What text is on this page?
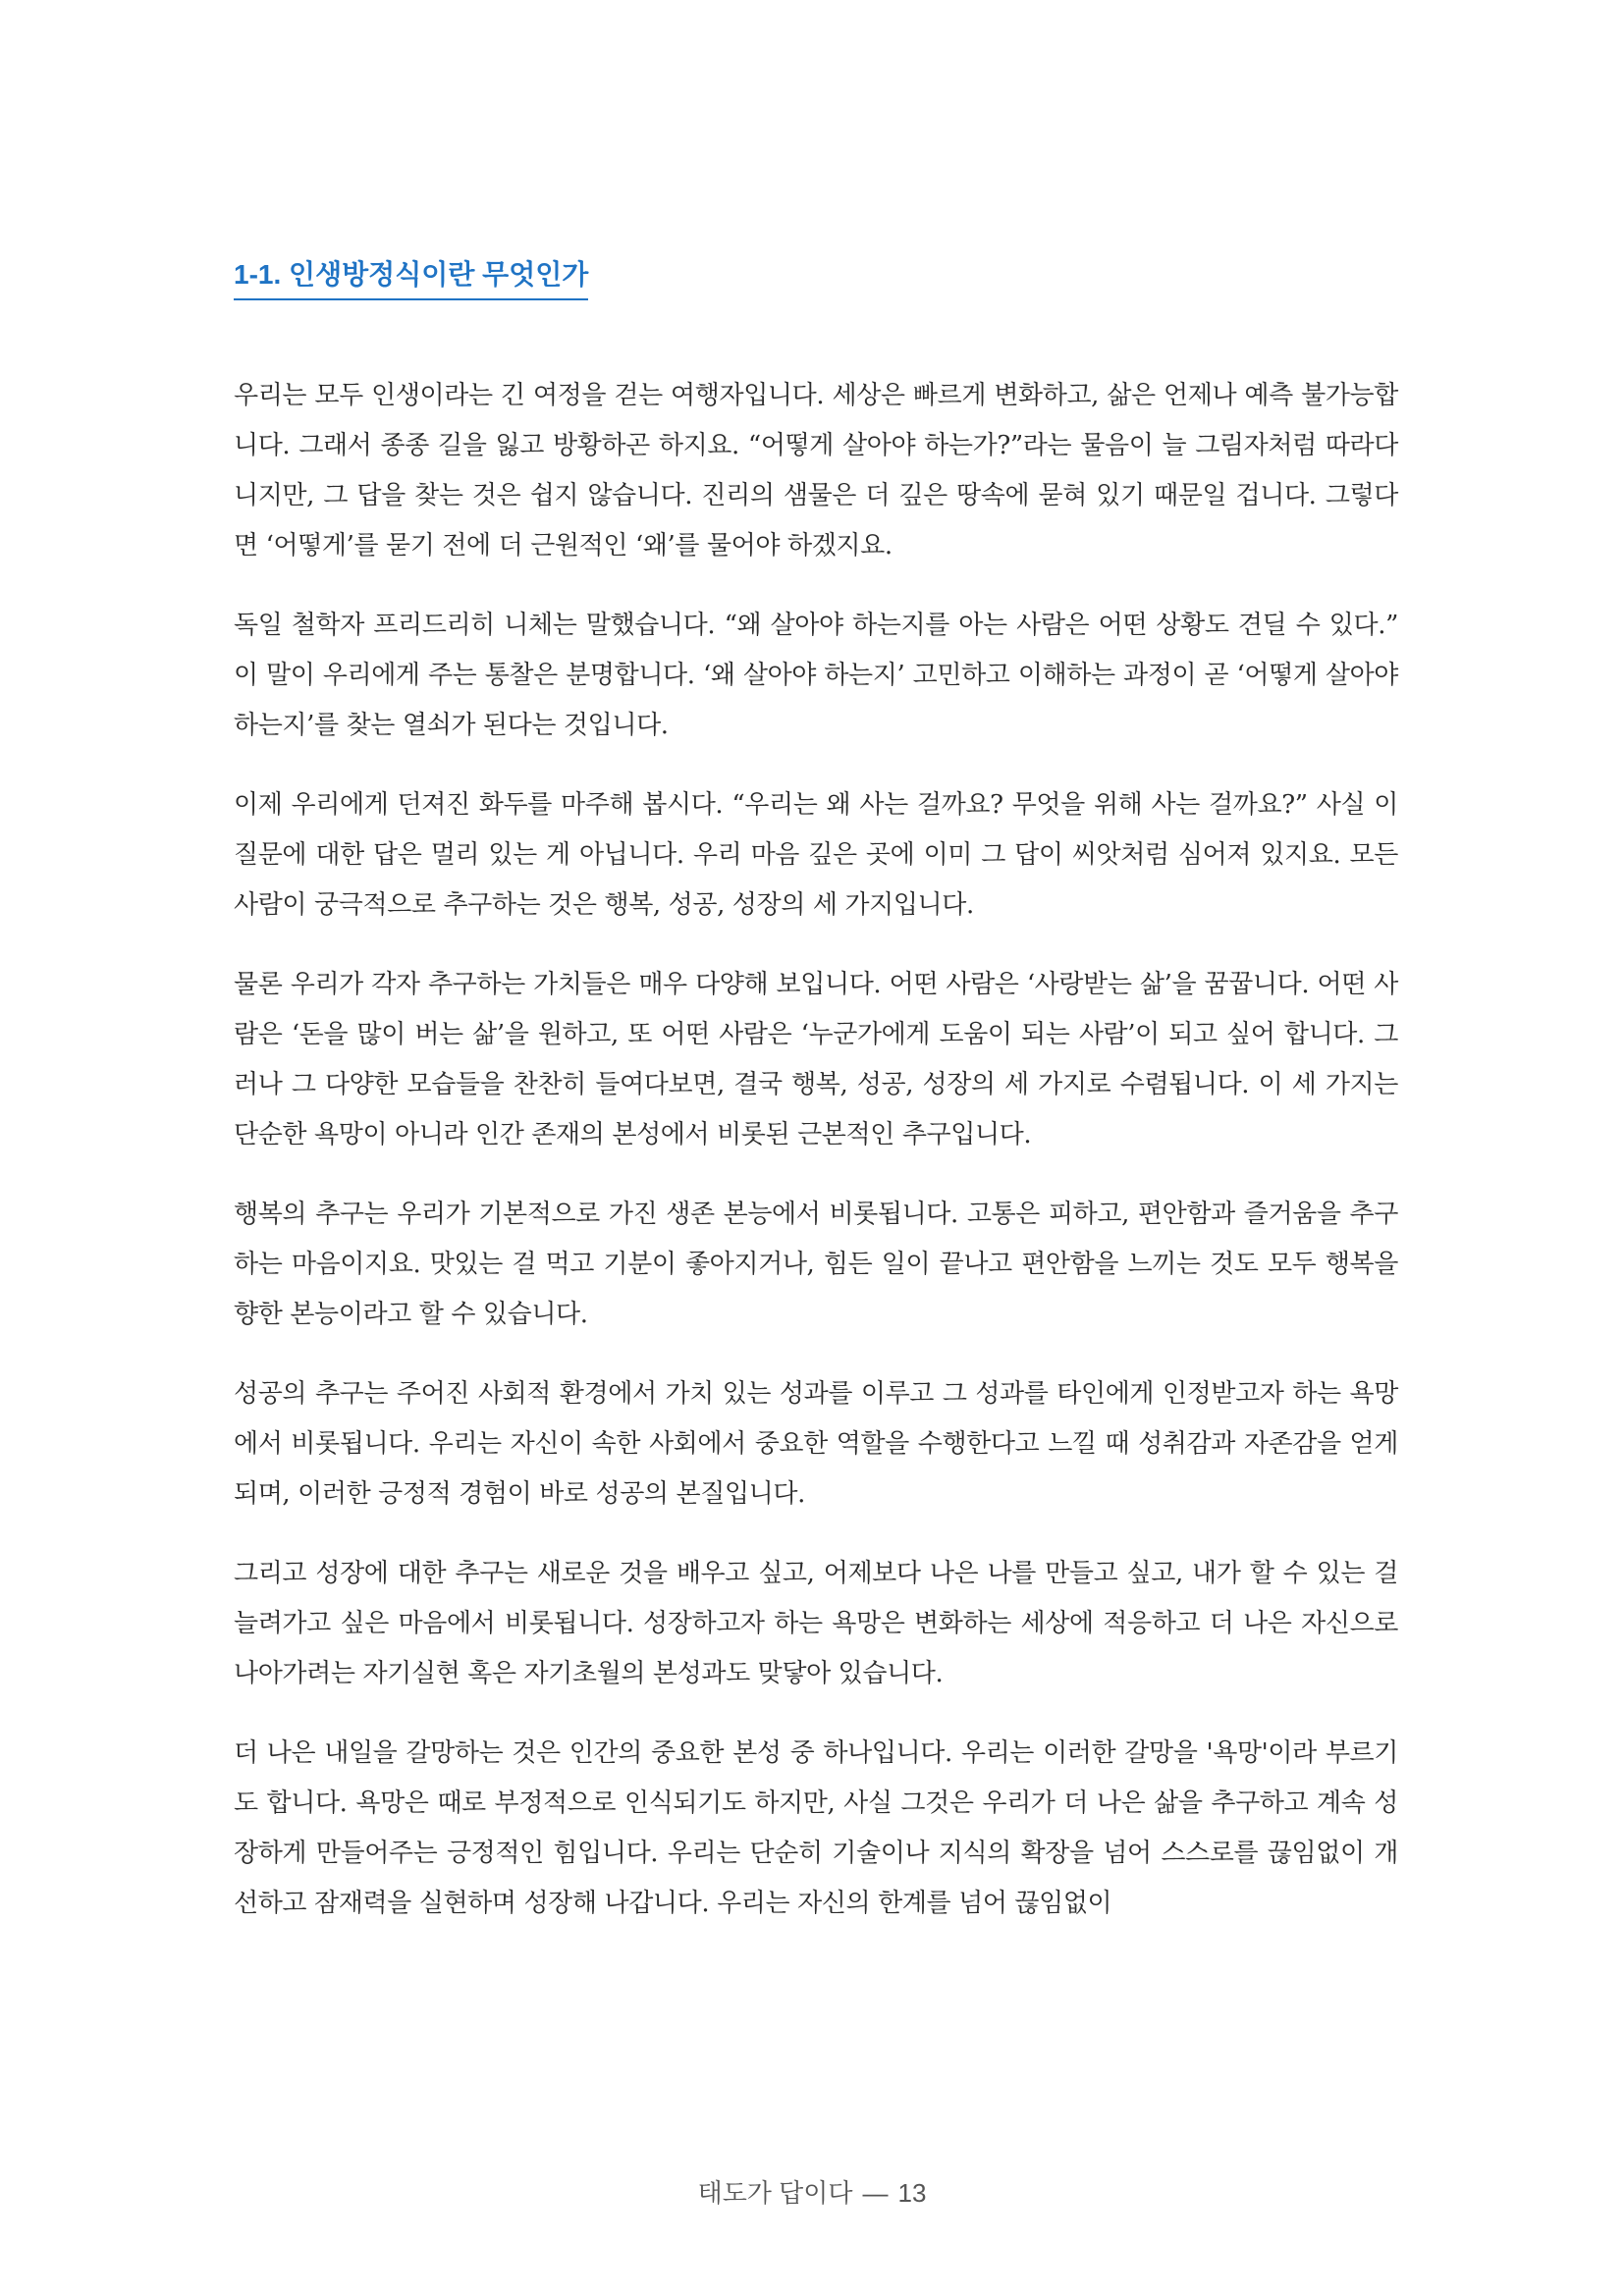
1-1. 인생방정식이란 무엇인가

우리는 모두 인생이라는 긴 여정을 걷는 여행자입니다. 세상은 빠르게 변화하고, 삶은 언제나 예측 불가능합니다. 그래서 종종 길을 잃고 방황하곤 하지요. “어떻게 살아야 하는가?”라는 물음이 늘 그림자처럼 따라다니지만, 그 답을 찾는 것은 쉽지 않습니다. 진리의 샘물은 더 깊은 땅속에 묻혀 있기 때문일 겁니다. 그렇다면 ‘어떻게’를 묻기 전에 더 근원적인 ‘왜’를 물어야 하겠지요.

독일 철학자 프리드리히 니체는 말했습니다. “왜 살아야 하는지를 아는 사람은 어떤 상황도 견딜 수 있다.” 이 말이 우리에게 주는 통찰은 분명합니다. ‘왜 살아야 하는지’ 고민하고 이해하는 과정이 곧 ‘어떻게 살아야 하는지’를 찾는 열쇠가 된다는 것입니다.

이제 우리에게 던져진 화두를 마주해 봅시다. “우리는 왜 사는 걸까요? 무엇을 위해 사는 걸까요?” 사실 이 질문에 대한 답은 멀리 있는 게 아닙니다. 우리 마음 깊은 곳에 이미 그 답이 씨앗처럼 심어져 있지요. 모든 사람이 궁극적으로 추구하는 것은 행복, 성공, 성장의 세 가지입니다.

물론 우리가 각자 추구하는 가치들은 매우 다양해 보입니다. 어떤 사람은 ‘사랑받는 삶’을 꿈꿉니다. 어떤 사람은 ‘돈을 많이 버는 삶’을 원하고, 또 어떤 사람은 ‘누군가에게 도움이 되는 사람’이 되고 싶어 합니다. 그러나 그 다양한 모습들을 찬찬히 들여다보면, 결국 행복, 성공, 성장의 세 가지로 수렴됩니다. 이 세 가지는 단순한 욕망이 아니라 인간 존재의 본성에서 비롯된 근본적인 추구입니다.

행복의 추구는 우리가 기본적으로 가진 생존 본능에서 비롯됩니다. 고통은 피하고, 편안함과 즐거움을 추구하는 마음이지요. 맛있는 걸 먹고 기분이 좋아지거나, 힘든 일이 끝나고 편안함을 느끼는 것도 모두 행복을 향한 본능이라고 할 수 있습니다.

성공의 추구는 주어진 사회적 환경에서 가치 있는 성과를 이루고 그 성과를 타인에게 인정받고자 하는 욕망에서 비롯됩니다. 우리는 자신이 속한 사회에서 중요한 역할을 수행한다고 느낄 때 성취감과 자존감을 얻게 되며, 이러한 긍정적 경험이 바로 성공의 본질입니다.

그리고 성장에 대한 추구는 새로운 것을 배우고 싶고, 어제보다 나은 나를 만들고 싶고, 내가 할 수 있는 걸 늘려가고 싶은 마음에서 비롯됩니다. 성장하고자 하는 욕망은 변화하는 세상에 적응하고 더 나은 자신으로 나아가려는 자기실현 혹은 자기초월의 본성과도 맞닿아 있습니다.

더 나은 내일을 갈망하는 것은 인간의 중요한 본성 중 하나입니다. 우리는 이러한 갈망을 '욕망'이라 부르기도 합니다. 욕망은 때로 부정적으로 인식되기도 하지만, 사실 그것은 우리가 더 나은 삶을 추구하고 계속 성장하게 만들어주는 긍정적인 힘입니다. 우리는 단순히 기술이나 지식의 확장을 넘어 스스로를 끊임없이 개선하고 잠재력을 실현하며 성장해 나갑니다. 우리는 자신의 한계를 넘어 끊임없이

태도가 답이다 — 13
